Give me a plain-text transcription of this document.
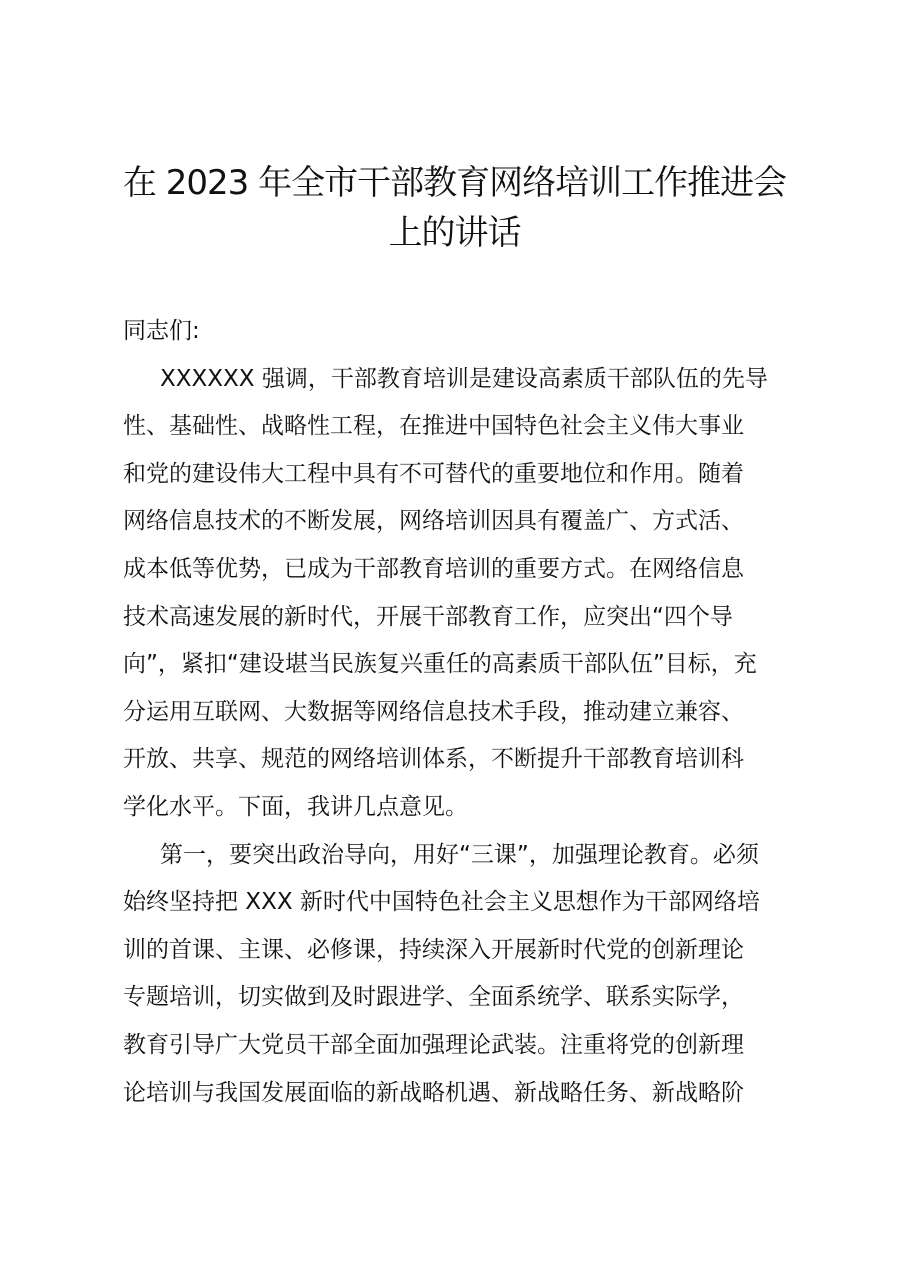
在 2023 年全市干部教育网络培训工作推进会
上的讲话
同志们:
XXXXXX 强调，干部教育培训是建设高素质干部队伍的先导
性、基础性、战略性工程，在推进中国特色社会主义伟大事业
和党的建设伟大工程中具有不可替代的重要地位和作用。随着
网络信息技术的不断发展，网络培训因具有覆盖广、方式活、
成本低等优势，已成为干部教育培训的重要方式。在网络信息
技术高速发展的新时代，开展干部教育工作，应突出“四个导
向”，紧扣“建设堪当民族复兴重任的高素质干部队伍”目标，充
分运用互联网、大数据等网络信息技术手段，推动建立兼容、
开放、共享、规范的网络培训体系，不断提升干部教育培训科
学化水平。下面，我讲几点意见。
第一，要突出政治导向，用好“三课”，加强理论教育。必须
始终坚持把 XXX 新时代中国特色社会主义思想作为干部网络培
训的首课、主课、必修课，持续深入开展新时代党的创新理论
专题培训，切实做到及时跟进学、全面系统学、联系实际学，
教育引导广大党员干部全面加强理论武装。注重将党的创新理
论培训与我国发展面临的新战略机遇、新战略任务、新战略阶
